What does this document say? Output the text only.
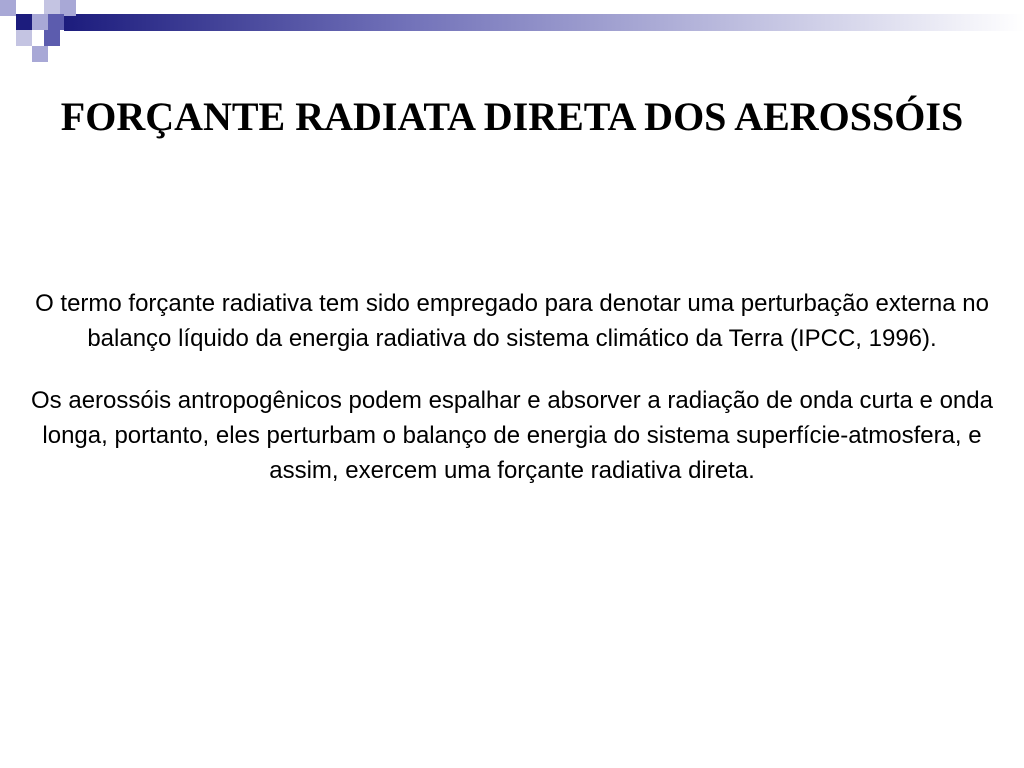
FORÇANTE RADIATA DIRETA DOS AEROSSÓIS

O termo forçante radiativa tem sido empregado para denotar uma perturbação externa no balanço líquido da energia radiativa do sistema climático da Terra (IPCC, 1996).

Os aerossóis antropogênicos podem espalhar e absorver a radiação de onda curta e onda longa, portanto, eles perturbam o balanço de energia do sistema superfície-atmosfera, e assim, exercem uma forçante radiativa direta.
